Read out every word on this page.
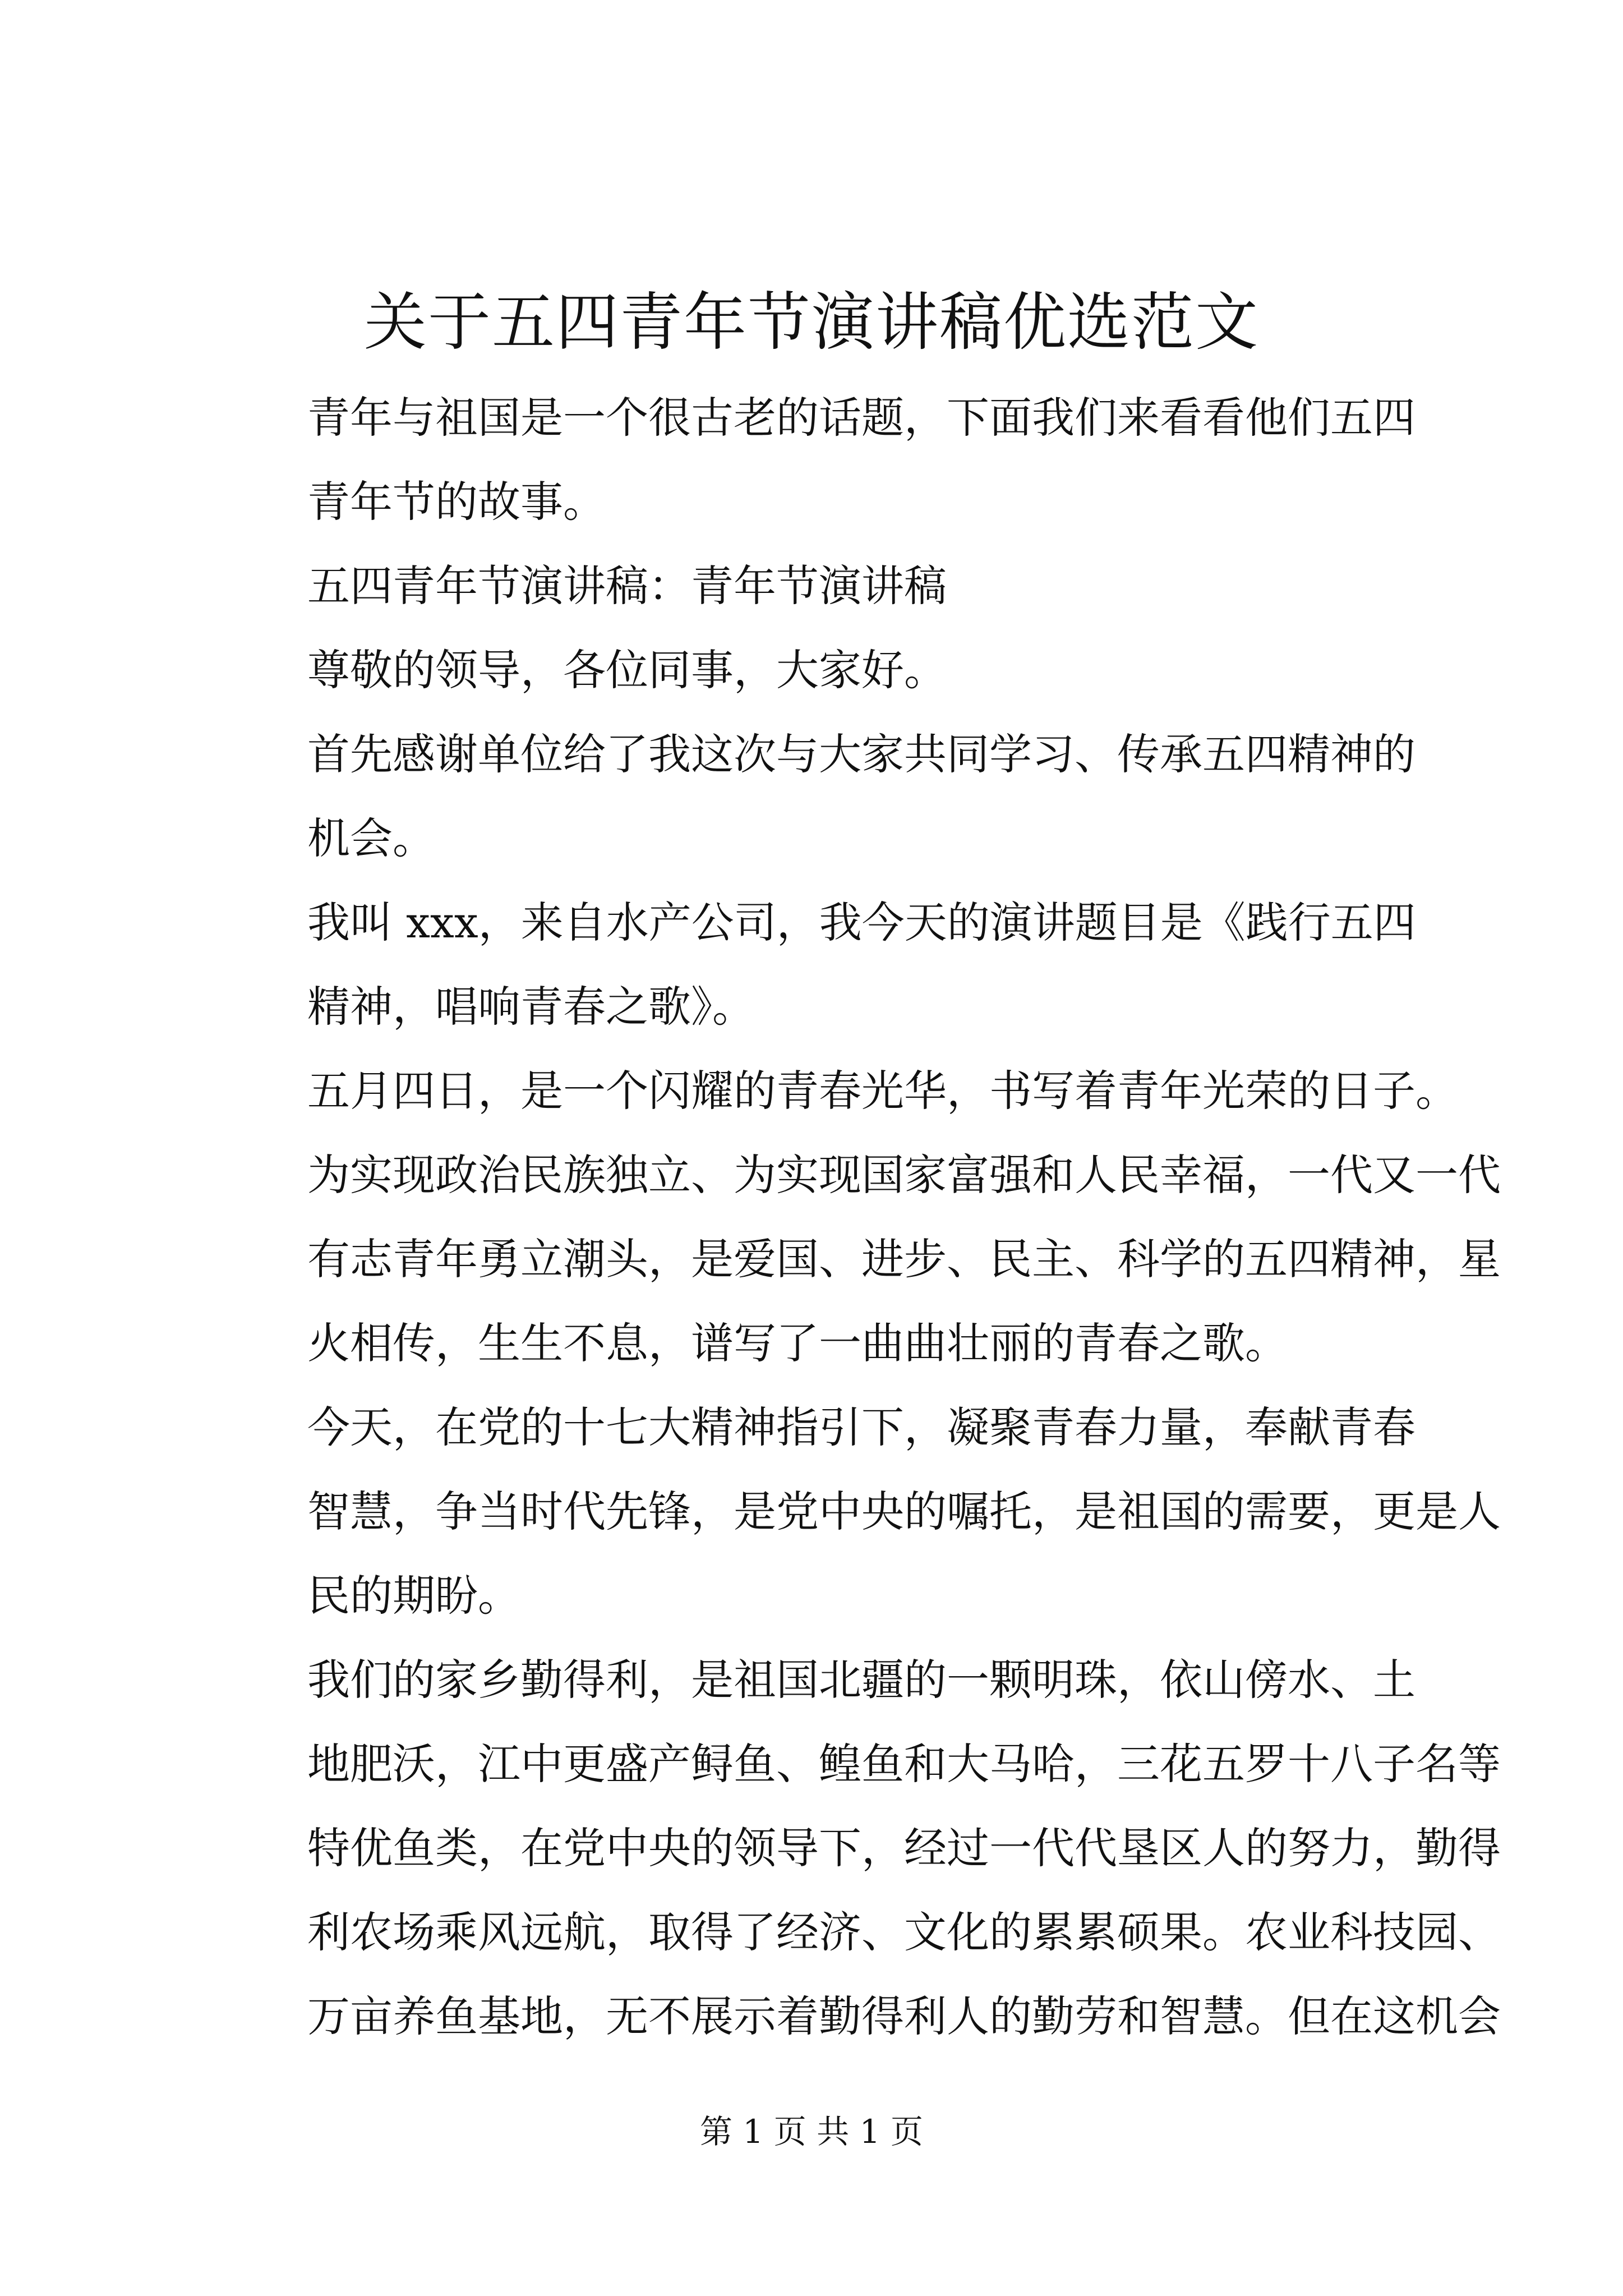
关于五四青年节演讲稿优选范文

青年与祖国是一个很古老的话题，下面我们来看看他们五四
青年节的故事。

五四青年节演讲稿：青年节演讲稿

尊敬的领导，各位同事，大家好。

首先感谢单位给了我这次与大家共同学习、传承五四精神的
机会。

我叫 xxx，来自水产公司，我今天的演讲题目是《践行五四
精神，唱响青春之歌》。

五月四日，是一个闪耀的青春光华，书写着青年光荣的日子。
为实现政治民族独立、为实现国家富强和人民幸福，一代又一代
有志青年勇立潮头，是爱国、进步、民主、科学的五四精神，星
火相传，生生不息，谱写了一曲曲壮丽的青春之歌。

今天，在党的十七大精神指引下，凝聚青春力量，奉献青春
智慧，争当时代先锋，是党中央的嘱托，是祖国的需要，更是人
民的期盼。

我们的家乡勤得利，是祖国北疆的一颗明珠，依山傍水、土
地肥沃，江中更盛产鲟鱼、鳇鱼和大马哈，三花五罗十八子名等
特优鱼类，在党中央的领导下，经过一代代垦区人的努力，勤得
利农场乘风远航，取得了经济、文化的累累硕果。农业科技园、
万亩养鱼基地，无不展示着勤得利人的勤劳和智慧。但在这机会

第 1 页 共 1 页
